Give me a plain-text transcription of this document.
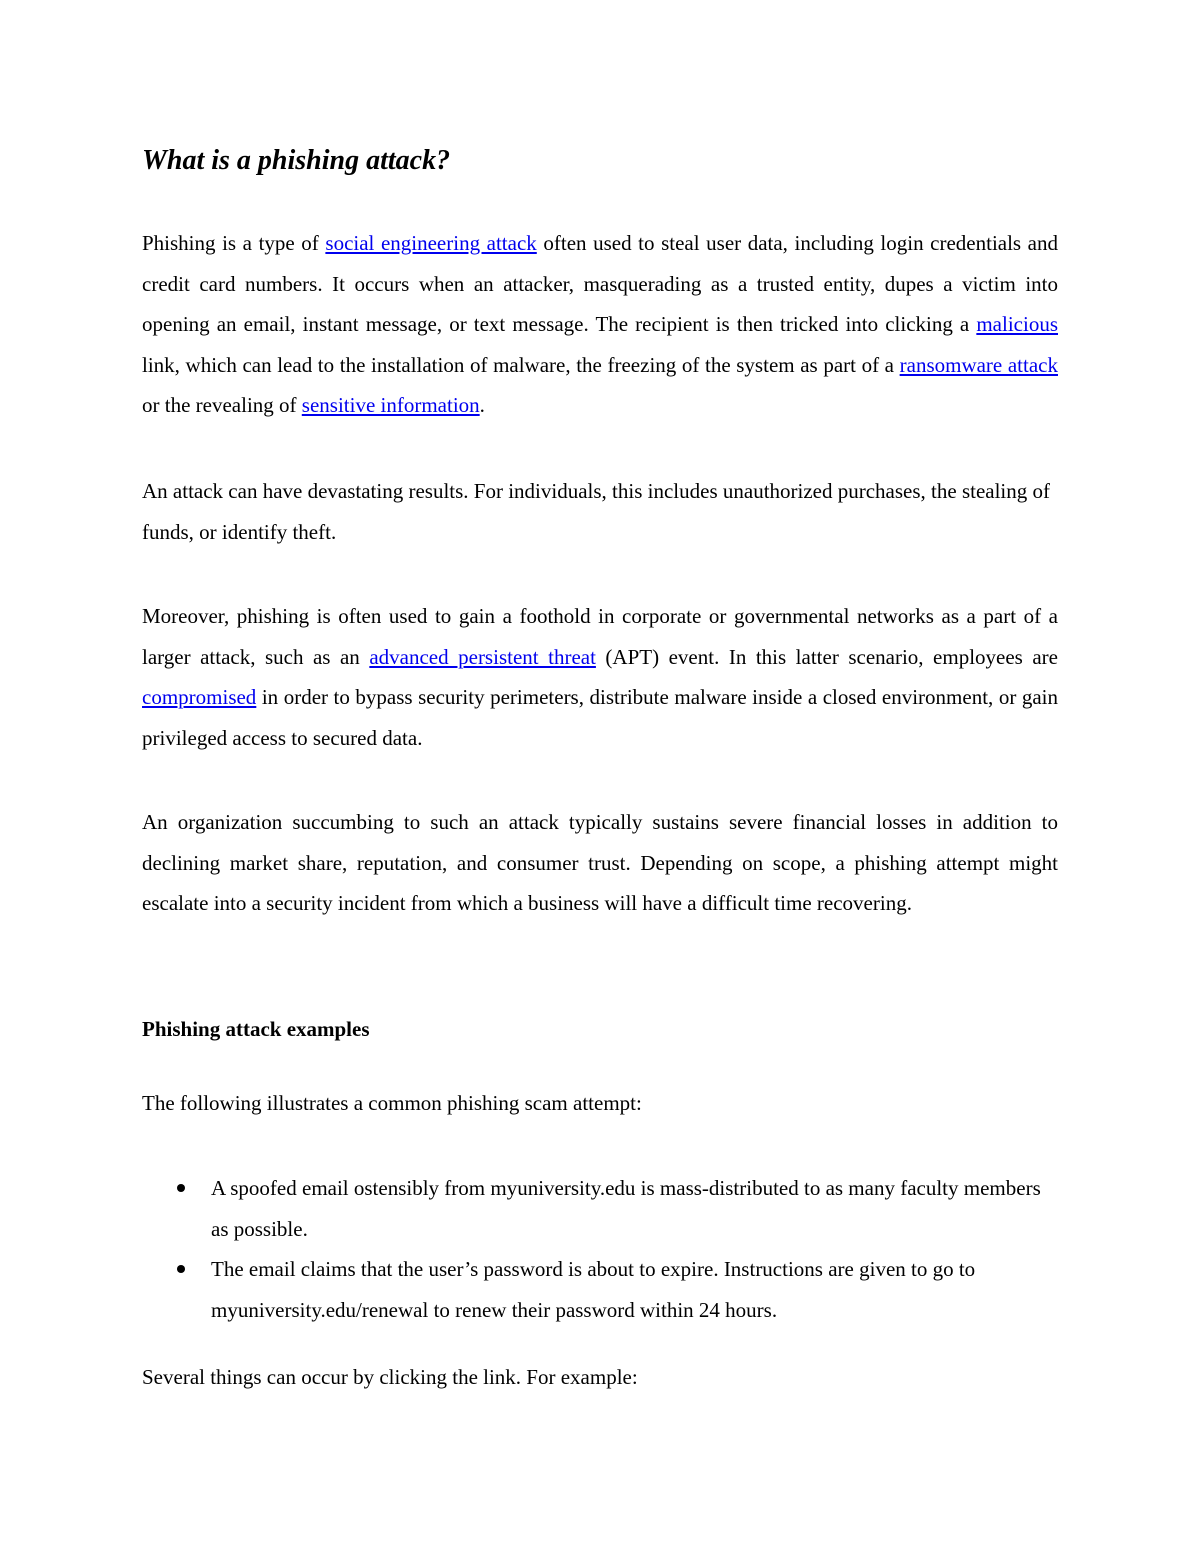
What is a phishing attack?

Phishing is a type of social engineering attack often used to steal user data, including login credentials and credit card numbers. It occurs when an attacker, masquerading as a trusted entity, dupes a victim into opening an email, instant message, or text message. The recipient is then tricked into clicking a malicious link, which can lead to the installation of malware, the freezing of the system as part of a ransomware attack or the revealing of sensitive information.

An attack can have devastating results. For individuals, this includes unauthorized purchases, the stealing of funds, or identify theft.

Moreover, phishing is often used to gain a foothold in corporate or governmental networks as a part of a larger attack, such as an advanced persistent threat (APT) event. In this latter scenario, employees are compromised in order to bypass security perimeters, distribute malware inside a closed environment, or gain privileged access to secured data.

An organization succumbing to such an attack typically sustains severe financial losses in addition to declining market share, reputation, and consumer trust. Depending on scope, a phishing attempt might escalate into a security incident from which a business will have a difficult time recovering.

Phishing attack examples

The following illustrates a common phishing scam attempt:

A spoofed email ostensibly from myuniversity.edu is mass-distributed to as many faculty members as possible.
The email claims that the user’s password is about to expire. Instructions are given to go to myuniversity.edu/renewal to renew their password within 24 hours.

Several things can occur by clicking the link. For example:
